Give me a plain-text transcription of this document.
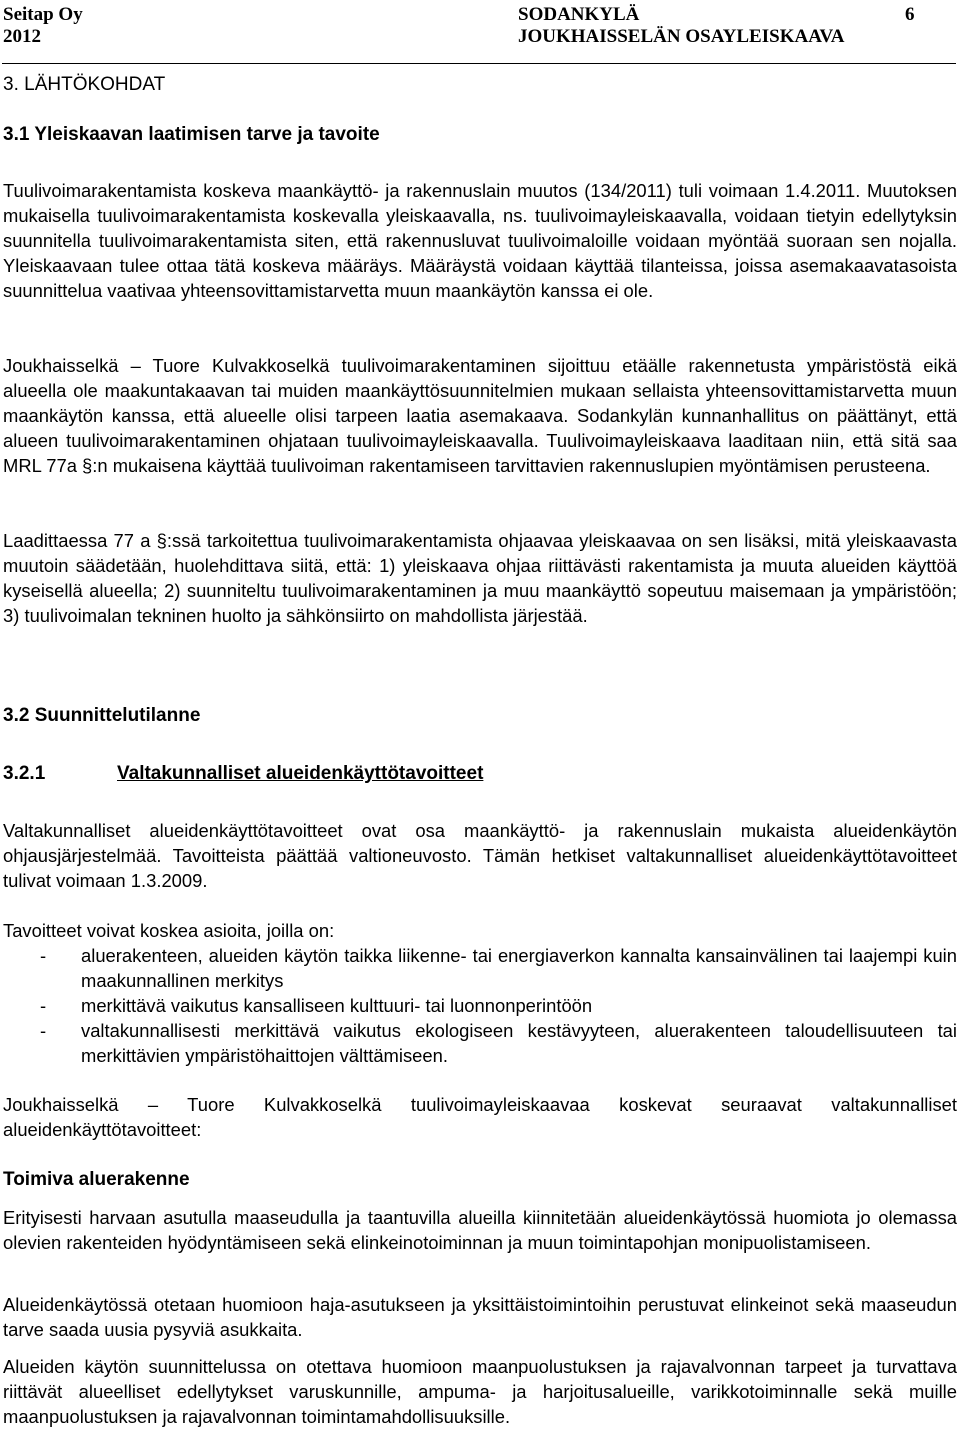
Seitap Oy
2012
SODANKYLÄ
JOUKHAISSELÄN OSAYLEISKAAVA
6
3. LÄHTÖKOHDAT
3.1 Yleiskaavan laatimisen tarve ja tavoite
Tuulivoimarakentamista koskeva maankäyttö- ja rakennuslain muutos (134/2011) tuli voimaan 1.4.2011. Muutoksen mukaisella tuulivoimarakentamista koskevalla yleiskaavalla, ns. tuulivoimayleiskaavalla, voidaan tietyin edellytyksin suunnitella tuulivoimarakentamista siten, että rakennusluvat tuulivoimaloille voidaan myöntää suoraan sen nojalla. Yleiskaavaan tulee ottaa tätä koskeva määräys. Määräystä voidaan käyttää tilanteissa, joissa asemakaavatasoista suunnittelua vaativaa yhteensovittamistarvetta muun maankäytön kanssa ei ole.
Joukhaisselkä – Tuore Kulvakkoselkä tuulivoimarakentaminen sijoittuu etäälle rakennetusta ympäristöstä eikä alueella ole maakuntakaavan tai muiden maankäyttösuunnitelmien mukaan sellaista yhteensovittamistarvetta muun maankäytön kanssa, että alueelle olisi tarpeen laatia asemakaava. Sodankylän kunnanhallitus on päättänyt, että alueen tuulivoimarakentaminen ohjataan tuulivoimayleiskaavalla. Tuulivoimayleiskaava laaditaan niin, että sitä saa MRL 77a §:n mukaisena käyttää tuulivoiman rakentamiseen tarvittavien rakennuslupien myöntämisen perusteena.
Laadittaessa 77 a §:ssä tarkoitettua tuulivoimarakentamista ohjaavaa yleiskaavaa on sen lisäksi, mitä yleiskaavasta muutoin säädetään, huolehdittava siitä, että: 1) yleiskaava ohjaa riittävästi rakentamista ja muuta alueiden käyttöä kyseisellä alueella; 2) suunniteltu tuulivoimarakentaminen ja muu maankäyttö sopeutuu maisemaan ja ympäristöön; 3) tuulivoimalan tekninen huolto ja sähkönsiirto on mahdollista järjestää.
3.2 Suunnittelutilanne
3.2.1	Valtakunnalliset alueidenkäyttötavoitteet
Valtakunnalliset alueidenkäyttötavoitteet ovat osa maankäyttö- ja rakennuslain mukaista alueidenkäytön ohjausjärjestelmää. Tavoitteista päättää valtioneuvosto. Tämän hetkiset valtakunnalliset alueidenkäyttötavoitteet tulivat voimaan 1.3.2009.
Tavoitteet voivat koskea asioita, joilla on:
- aluerakenteen, alueiden käytön taikka liikenne- tai energiaverkon kannalta kansainvälinen tai laajempi kuin maakunnallinen merkitys
- merkittävä vaikutus kansalliseen kulttuuri- tai luonnonperintöön
- valtakunnallisesti merkittävä vaikutus ekologiseen kestävyyteen, aluerakenteen taloudellisuuteen tai merkittävien ympäristöhaittojen välttämiseen.
Joukhaisselkä – Tuore Kulvakkoselkä tuulivoimayleiskaavaa koskevat seuraavat valtakunnalliset alueidenkäyttötavoitteet:
Toimiva aluerakenne
Erityisesti harvaan asutulla maaseudulla ja taantuvilla alueilla kiinnitetään alueidenkäytössä huomiota jo olemassa olevien rakenteiden hyödyntämiseen sekä elinkeinotoiminnan ja muun toimintapohjan monipuolistamiseen.
Alueidenkäytössä otetaan huomioon haja-asutukseen ja yksittäistoimintoihin perustuvat elinkeinot sekä maaseudun tarve saada uusia pysyviä asukkaita.
Alueiden käytön suunnittelussa on otettava huomioon maanpuolustuksen ja rajavalvonnan tarpeet ja turvattava riittävät alueelliset edellytykset varuskunnille, ampuma- ja harjoitusalueille, varikkotoiminnalle sekä muille maanpuolustuksen ja rajavalvonnan toimintamahdollisuuksille.
